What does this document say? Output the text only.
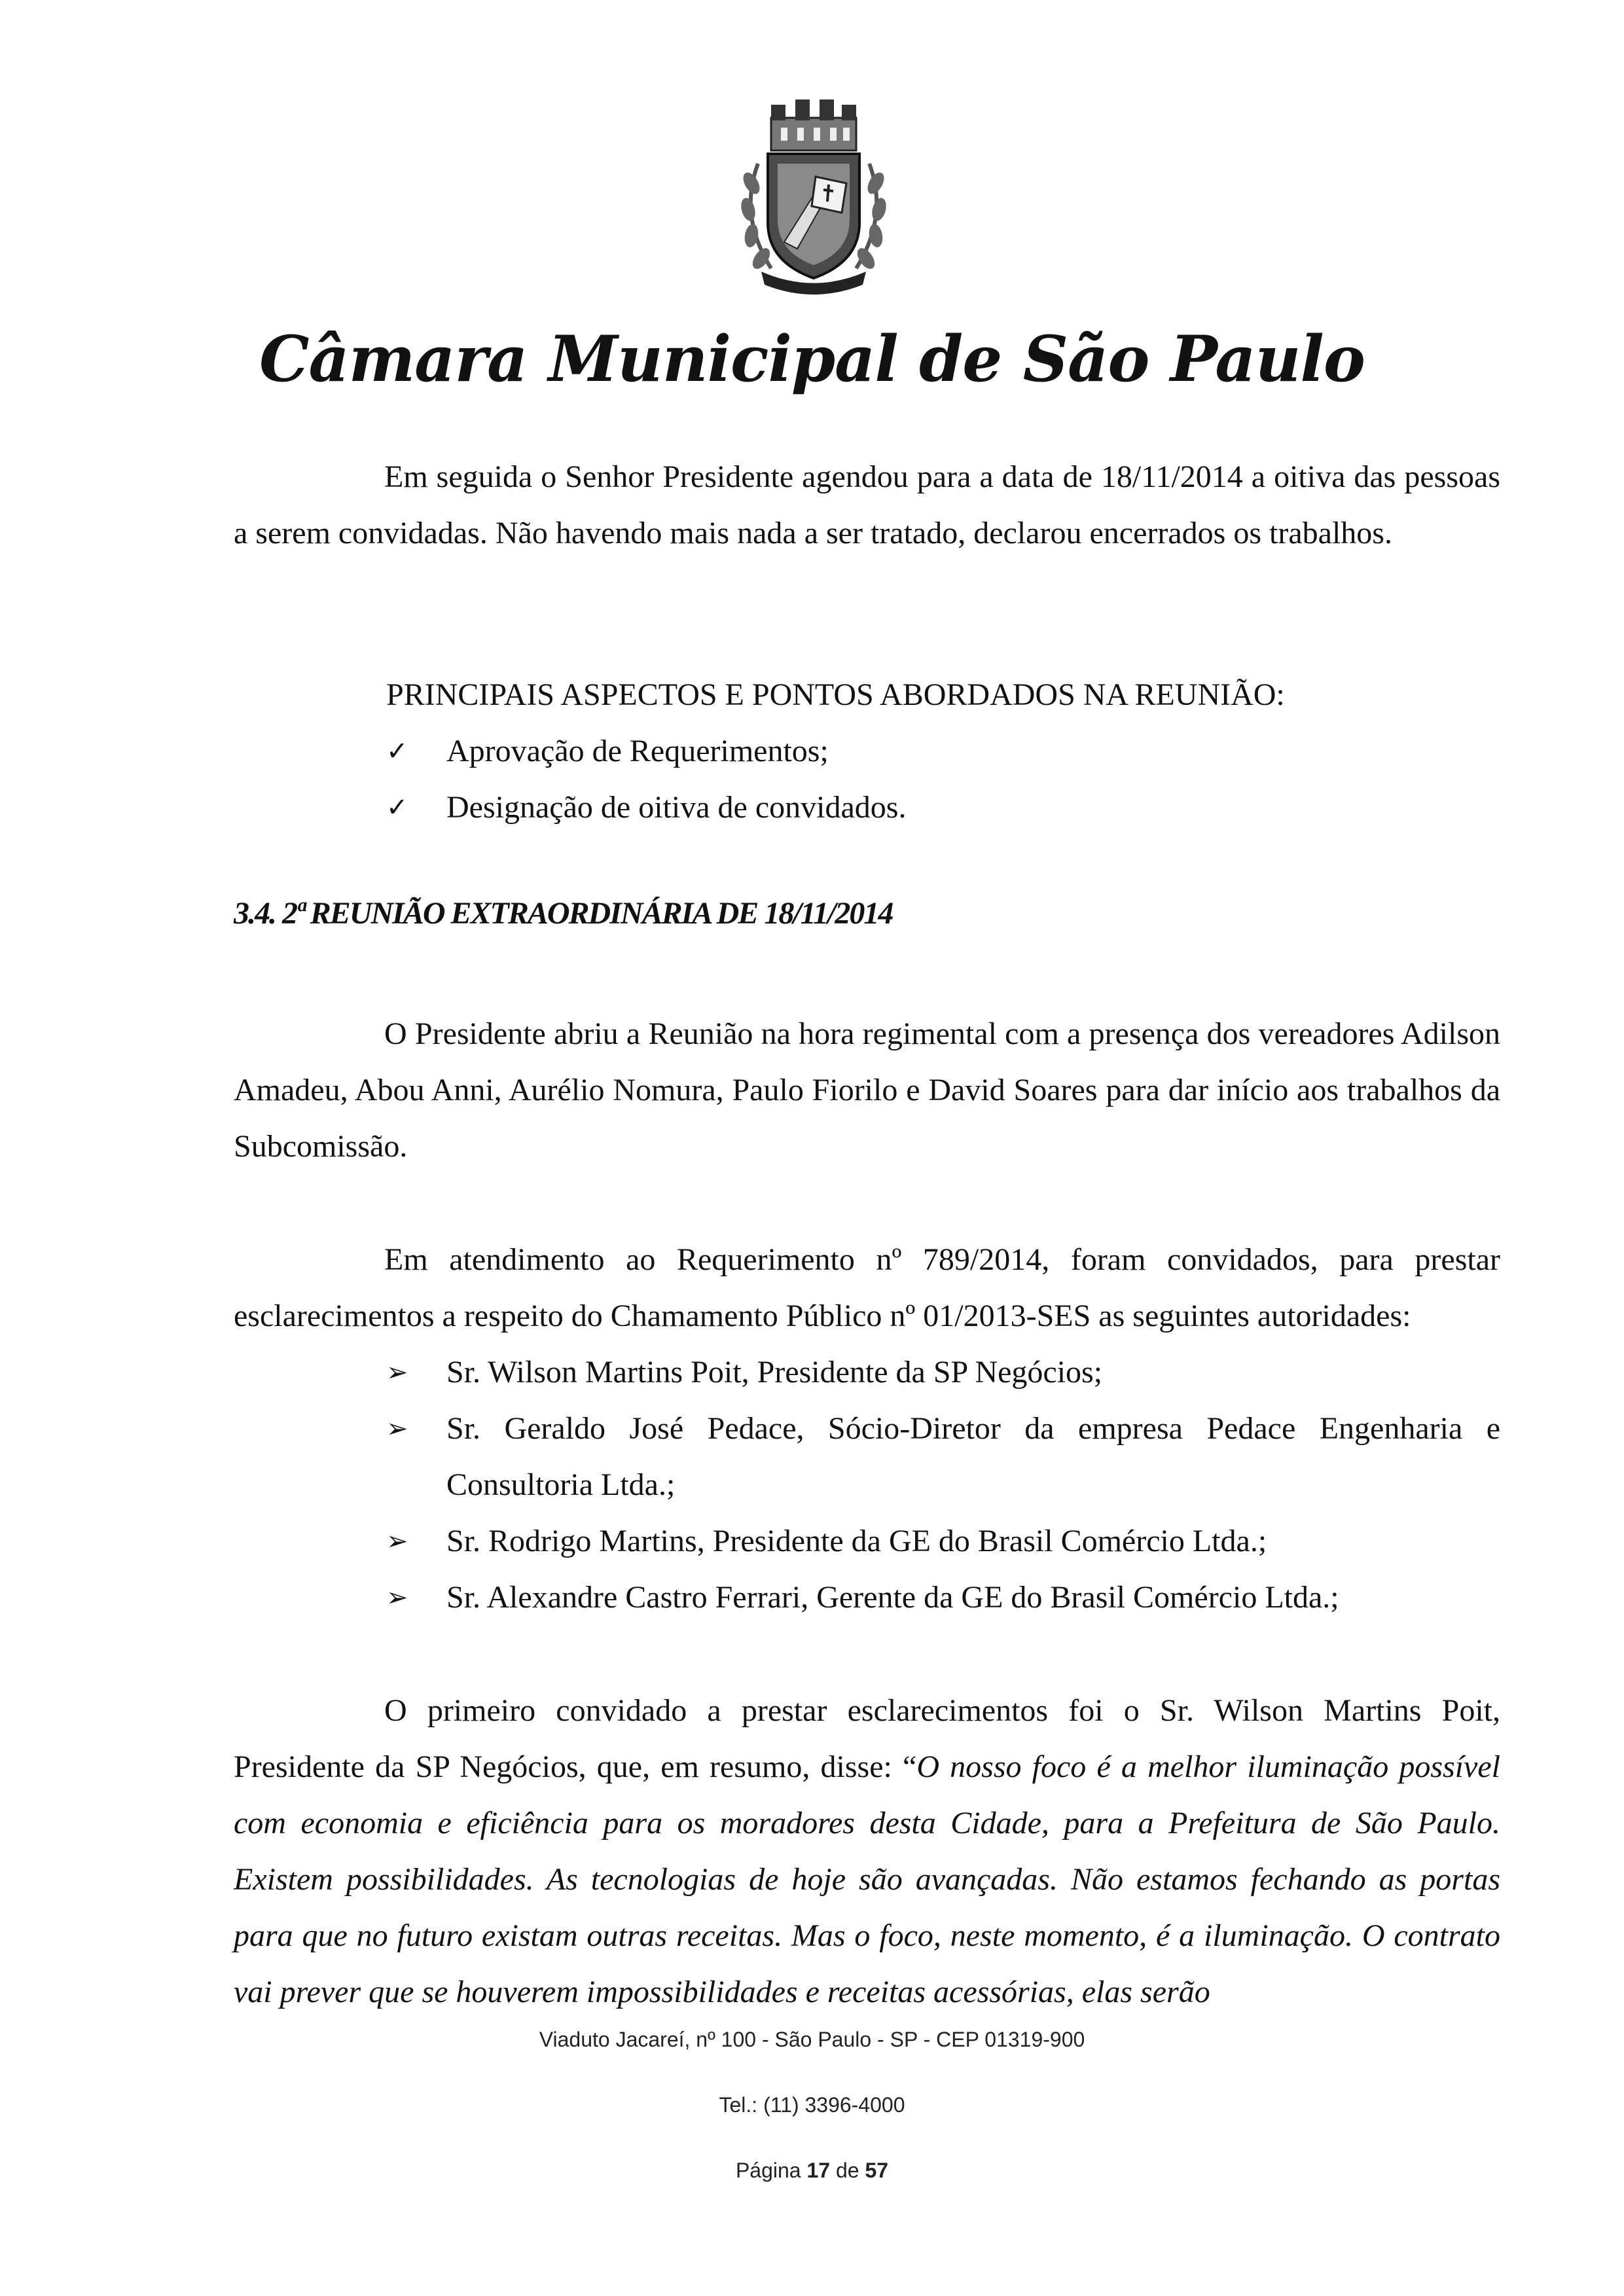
Câmara Municipal de São Paulo
Em seguida o Senhor Presidente agendou para a data de 18/11/2014 a oitiva das pessoas a serem convidadas. Não havendo mais nada a ser tratado, declarou encerrados os trabalhos.
PRINCIPAIS ASPECTOS E PONTOS ABORDADOS NA REUNIÃO:
✓ Aprovação de Requerimentos;
✓ Designação de oitiva de convidados.
3.4. 2ª REUNIÃO EXTRAORDINÁRIA DE 18/11/2014
O Presidente abriu a Reunião na hora regimental com a presença dos vereadores Adilson Amadeu, Abou Anni, Aurélio Nomura, Paulo Fiorilo e David Soares para dar início aos trabalhos da Subcomissão.
Em atendimento ao Requerimento nº 789/2014, foram convidados, para prestar esclarecimentos a respeito do Chamamento Público nº 01/2013-SES as seguintes autoridades:
➢ Sr. Wilson Martins Poit, Presidente da SP Negócios;
➢ Sr. Geraldo José Pedace, Sócio-Diretor da empresa Pedace Engenharia e Consultoria Ltda.;
➢ Sr. Rodrigo Martins, Presidente da GE do Brasil Comércio Ltda.;
➢ Sr. Alexandre Castro Ferrari, Gerente da GE do Brasil Comércio Ltda.;
O primeiro convidado a prestar esclarecimentos foi o Sr. Wilson Martins Poit, Presidente da SP Negócios, que, em resumo, disse: “O nosso foco é a melhor iluminação possível com economia e eficiência para os moradores desta Cidade, para a Prefeitura de São Paulo. Existem possibilidades. As tecnologias de hoje são avançadas. Não estamos fechando as portas para que no futuro existam outras receitas. Mas o foco, neste momento, é a iluminação. O contrato vai prever que se houverem impossibilidades e receitas acessórias, elas serão
Viaduto Jacareí, nº 100 - São Paulo - SP - CEP 01319-900
Tel.: (11) 3396-4000
Página 17 de 57
